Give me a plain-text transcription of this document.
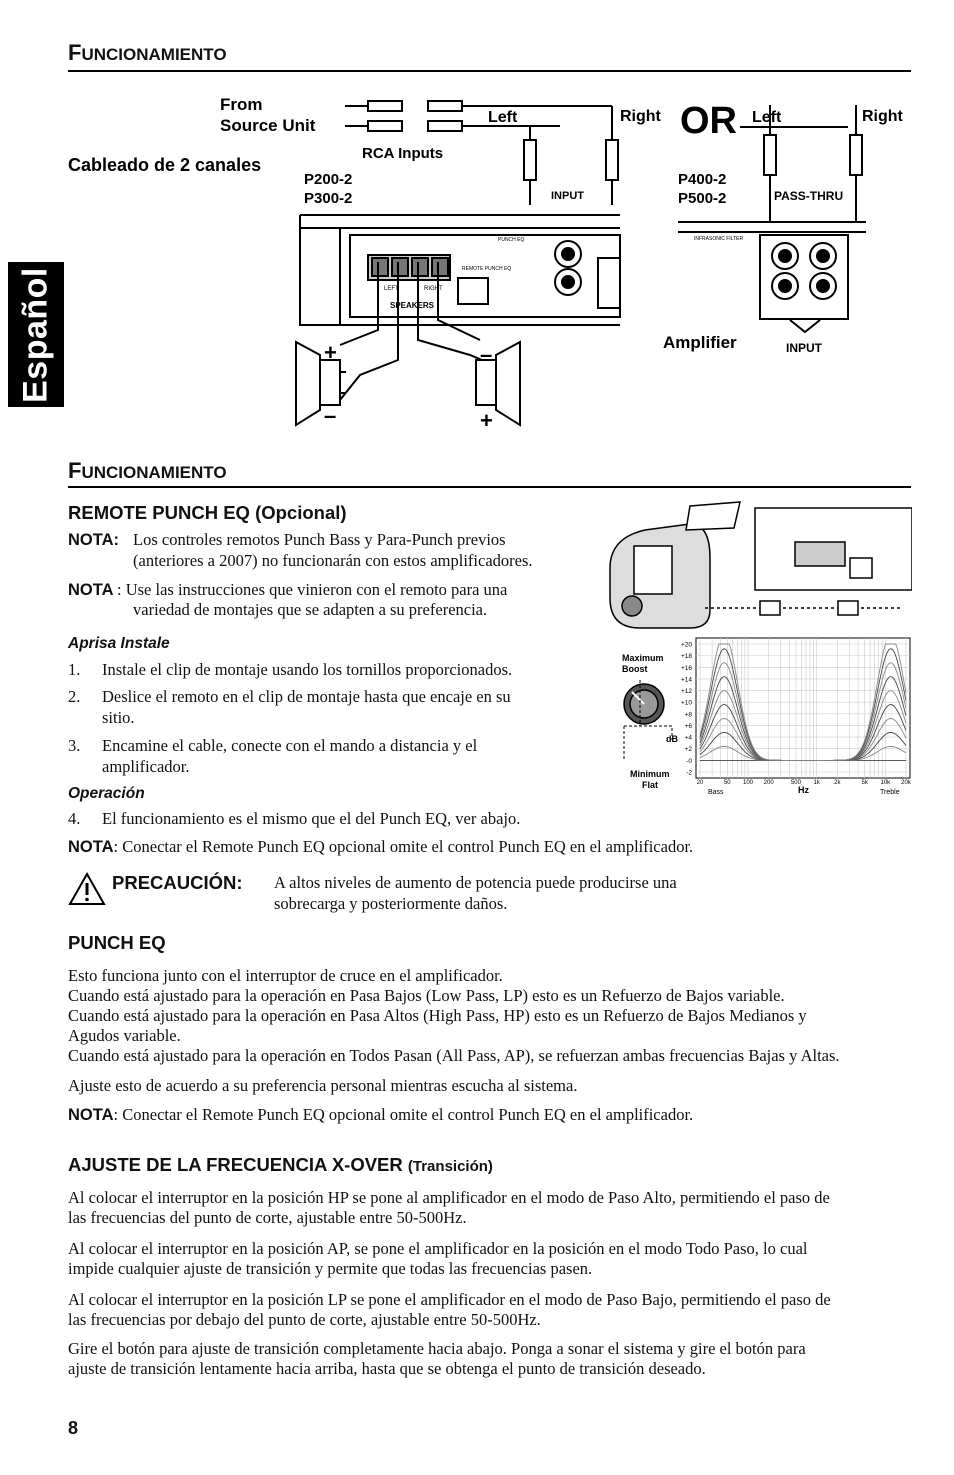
Español
FUNCIONAMIENTO
From
Source Unit
Cableado de 2 canales
RCA Inputs
Left	Right
P200-2
P300-2	INPUT
SPEAKERS
LEFT	RIGHT
REMOTE PUNCH EQ
PUNCH EQ
+
–
–
+
OR Left	Right
P400-2
P500-2	PASS-THRU
INFRASONIC FILTER
Amplifier	INPUT
FUNCIONAMIENTO
REMOTE PUNCH EQ (Opcional)
NOTA: Los controles remotos Punch Bass y Para-Punch previos
(anteriores a 2007) no funcionarán con estos amplificadores.
NOTA : Use las instrucciones que vinieron con el remoto para una
variedad de montajes que se adapten a su preferencia.
Aprisa Instale
1. Instale el clip de montaje usando los tornillos proporcionados.
2. Deslice el remoto en el clip de montaje hasta que encaje en su
sitio.
3. Encamine el cable, conecte con el mando a distancia y el
amplificador.
Operación
4. El funcionamiento es el mismo que el del Punch EQ, ver abajo.
NOTA: Conectar el Remote Punch EQ opcional omite el control Punch EQ en el amplificador.
PRECAUCIÓN: A altos niveles de aumento de potencia puede producirse una
sobrecarga y posteriormente daños.
Maximum
Boost
Minimum
Flat
dB
+20
+18
+16
+14
+12
+10
+8
+6
+4
+2
-0
-2
20	50 100 200	500 1k 2k	5k 10k 20k
Bass	Hz	Treble
PUNCH EQ
Esto funciona junto con el interruptor de cruce en el amplificador.
Cuando está ajustado para la operación en Pasa Bajos (Low Pass, LP) esto es un Refuerzo de Bajos variable.
Cuando está ajustado para la operación en Pasa Altos (High Pass, HP) esto es un Refuerzo de Bajos Medianos y
Agudos variable.
Cuando está ajustado para la operación en Todos Pasan (All Pass, AP), se refuerzan ambas frecuencias Bajas y Altas.
Ajuste esto de acuerdo a su preferencia personal mientras escucha al sistema.
NOTA: Conectar el Remote Punch EQ opcional omite el control Punch EQ en el amplificador.
AJUSTE DE LA FRECUENCIA X-OVER (Transición)
Al colocar el interruptor en la posición HP se pone al amplificador en el modo de Paso Alto, permitiendo el paso de
las frecuencias del punto de corte, ajustable entre 50-500Hz.
Al colocar el interruptor en la posición AP, se pone el amplificador en la posición en el modo Todo Paso, lo cual
impide cualquier ajuste de transición y permite que todas las frecuencias pasen.
Al colocar el interruptor en la posición LP se pone el amplificador en el modo de Paso Bajo, permitiendo el paso de
las frecuencias por debajo del punto de corte, ajustable entre 50-500Hz.
Gire el botón para ajuste de transición completamente hacia abajo. Ponga a sonar el sistema y gire el botón para
ajuste de transición lentamente hacia arriba, hasta que se obtenga el punto de transición deseado.
8
